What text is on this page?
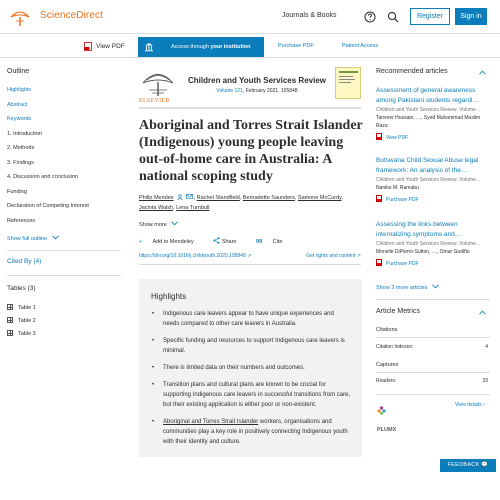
ScienceDirect	Journals & Books	Register	Sign in
View PDF	Access through your institution	Purchase PDF	Patient Access
Outline
Highlights
Abstract
Keywords
1. Introduction
2. Methods
3. Findings
4. Discussion and conclusion
Funding
Declaration of Competing Interest
References
Show full outline
Cited By (4)
Tables (3)
Table 1
Table 2
Table 3
ELSEVIER
Children and Youth Services Review
Volume 121, February 2021, 105848
Aboriginal and Torres Strait Islander (Indigenous) young people leaving out-of-home care in Australia: A national scoping study
Philip Mendes	, Rachel Standfield, Bernadette Saunders, Samone McCurdy,
Jacinta Walsh, Lena Turnbull
Show more
+ Add to Mendeley	Share	99 Cite
https://doi.org/10.1016/j.childyouth.2020.105848 ↗	Get rights and content ↗
Highlights
• Indigenous care leavers appear to have unique experiences and needs compared to other care leavers in Australia.
• Specific funding and resources to support Indigenous care leavers is minimal.
• There is limited data on their numbers and outcomes.
• Transition plans and cultural plans are known to be crucial for supporting Indigenous care leavers in successful transitions from care, but their existing application is either poor or non-existent.
• Aboriginal and Torres Strait Islander workers, organisations and communities play a key role in positively connecting Indigenous youth with their identity and culture.
Recommended articles
Assessment of general awareness among Pakistani students regardi…
Children and Youth Services Review, Volume…
Tanveer Hussain, …, Syed Muhammad Muslim Raza
View PDF
Botswana Child Sexual Abuse legal framework: An analysis of the…
Children and Youth Services Review, Volume…
Nanike M. Ramabu
Purchase PDF
Assessing the links between internalizing symptoms and…
Children and Youth Services Review, Volume…
Monelle DiPierro-Sutton, …, Omar Gudiño
Purchase PDF
Show 3 more articles
Article Metrics
Citations
Citation Indexes:	4
Captures
Readers:	33
PLUMX
View details ›
FEEDBACK 💬
